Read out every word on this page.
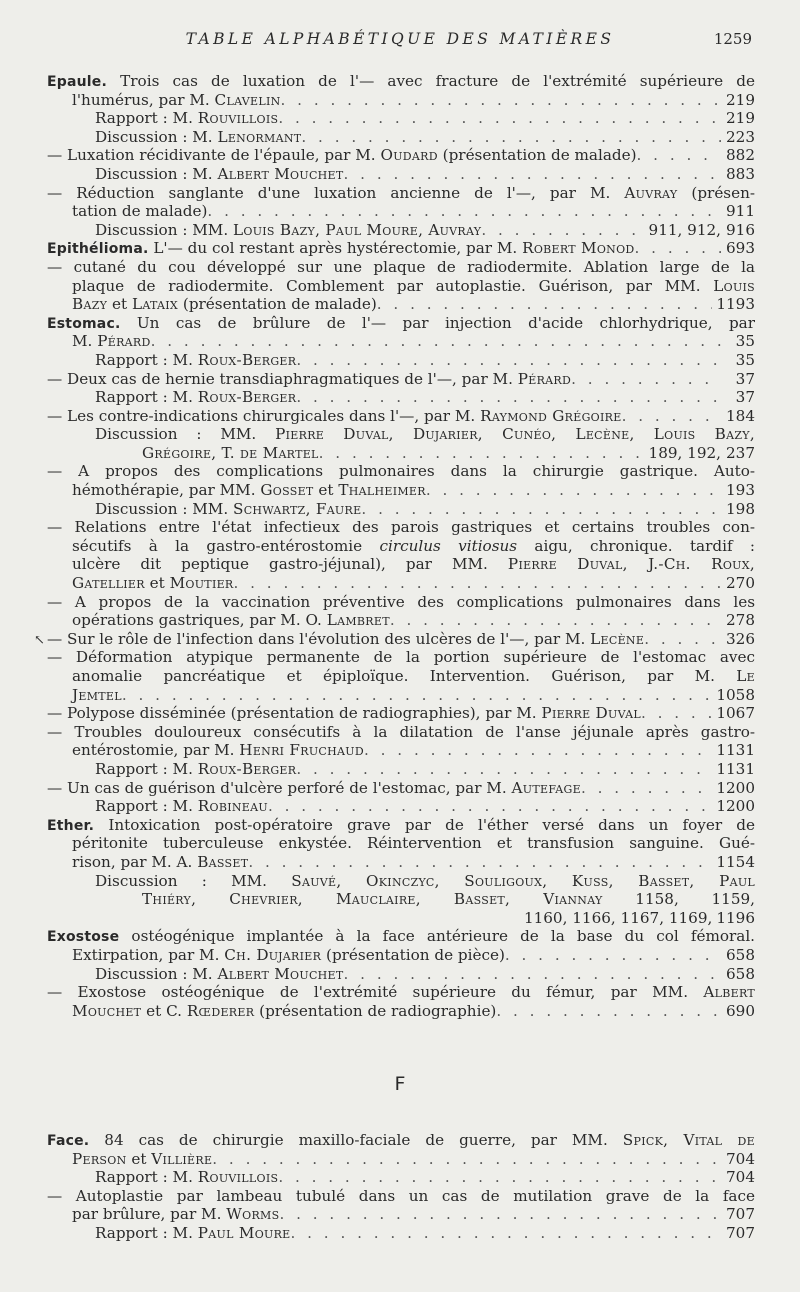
TABLE ALPHABÉTIQUE DES MATIÈRES	1259
↖
Epaule. Trois cas de luxation de l'— avec fracture de l'extrémité supérieure de
l'humérus, par M. Clavelin . . .	219
Rapport : M. Rouvillois . . .	219
Discussion : M. Lenormant . . .	223
— Luxation récidivante de l'épaule, par M. Oudard (présentation de malade) . . .	882
Discussion : M. Albert Mouchet . . .	883
— Réduction sanglante d'une luxation ancienne de l'—, par M. Auvray (présen-
tation de malade) . . .	911
Discussion : MM. Louis Bazy, Paul Moure, Auvray . . .	911, 912, 916
Epithélioma. L'— du col restant après hystérectomie, par M. Robert Monod . . .	693
— cutané du cou développé sur une plaque de radiodermite. Ablation large de la
plaque de radiodermite. Comblement par autoplastie. Guérison, par MM. Louis
Bazy et Lataix (présentation de malade) . . .	1193
Estomac. Un cas de brûlure de l'— par injection d'acide chlorhydrique, par
M. Pérard . . .	35
Rapport : M. Roux-Berger . . .	35
— Deux cas de hernie transdiaphragmatiques de l'—, par M. Pérard . . .	37
Rapport : M. Roux-Berger . . .	37
— Les contre-indications chirurgicales dans l'—, par M. Raymond Grégoire . . .	184
Discussion : MM. Pierre Duval, Dujarier, Cunéo, Lecène, Louis Bazy,
Grégoire, T. de Martel . . .	189, 192, 237
— A propos des complications pulmonaires dans la chirurgie gastrique. Auto-
hémothérapie, par MM. Gosset et Thalheimer . . .	193
Discussion : MM. Schwartz, Faure . . .	198
— Relations entre l'état infectieux des parois gastriques et certains troubles con-
sécutifs à la gastro-entérostomie circulus vitiosus aigu, chronique. tardif :
ulcère dit peptique gastro-jéjunal), par MM. Pierre Duval, J.-Ch. Roux,
Gatellier et Moutier . . .	270
— A propos de la vaccination préventive des complications pulmonaires dans les
opérations gastriques, par M. O. Lambret . . .	278
— Sur le rôle de l'infection dans l'évolution des ulcères de l'—, par M. Lecène . . .	326
— Déformation atypique permanente de la portion supérieure de l'estomac avec
anomalie pancréatique et épiploïque. Intervention. Guérison, par M. Le
Jemtel . . .	1058
— Polypose disséminée (présentation de radiographies), par M. Pierre Duval . . .	1067
— Troubles douloureux consécutifs à la dilatation de l'anse jéjunale après gastro-
entérostomie, par M. Henri Fruchaud . . .	1131
Rapport : M. Roux-Berger . . .	1131
— Un cas de guérison d'ulcère perforé de l'estomac, par M. Autefage . . .	1200
Rapport : M. Robineau . . .	1200
Ether. Intoxication post-opératoire grave par de l'éther versé dans un foyer de
péritonite tuberculeuse enkystée. Réintervention et transfusion sanguine. Gué-
rison, par M. A. Basset . . .	1154
Discussion : MM. Sauvé, Okinczyc, Souligoux, Kuss, Basset, Paul
Thiéry, Chevrier, Mauclaire, Basset, Viannay 1158, 1159,
1160, 1166, 1167, 1169, 1196
Exostose ostéogénique implantée à la face antérieure de la base du col fémoral.
Extirpation, par M. Ch. Dujarier (présentation de pièce) . . .	658
Discussion : M. Albert Mouchet . . .	658
— Exostose ostéogénique de l'extrémité supérieure du fémur, par MM. Albert
Mouchet et C. Rœderer (présentation de radiographie) . . .	690
F
Face. 84 cas de chirurgie maxillo-faciale de guerre, par MM. Spick, Vital de
Person et Villière . . .	704
Rapport : M. Rouvillois . . .	704
— Autoplastie par lambeau tubulé dans un cas de mutilation grave de la face
par brûlure, par M. Worms . . .	707
Rapport : M. Paul Moure . . .	707
